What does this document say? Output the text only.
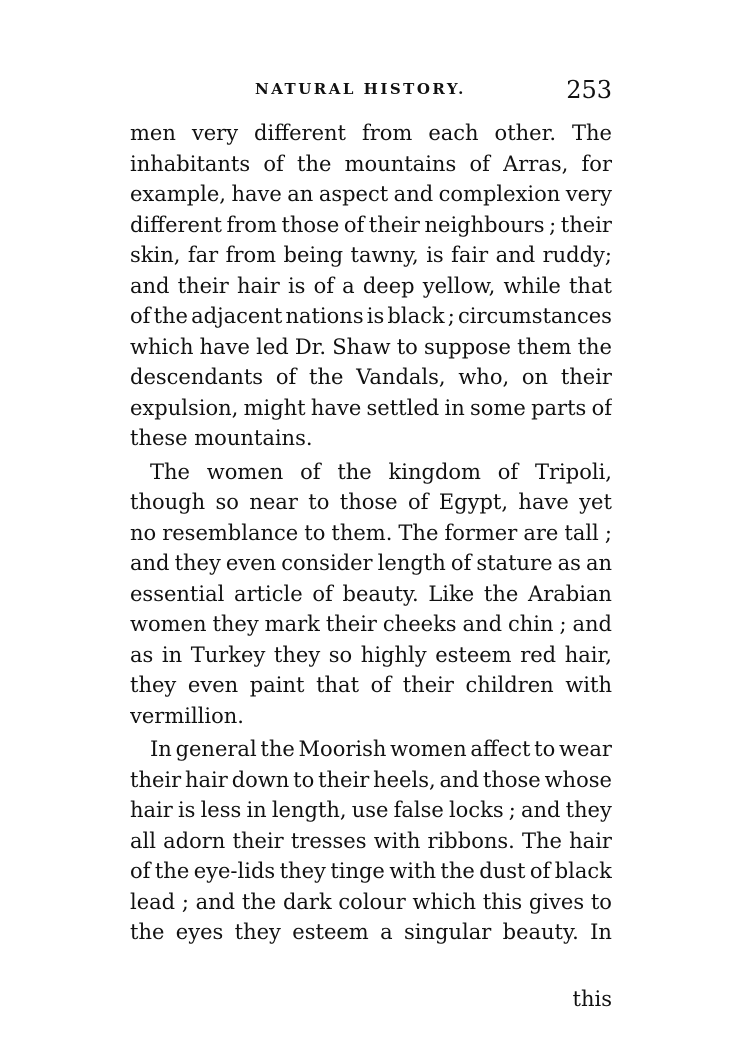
NATURAL HISTORY.	253
men very different from each other. The
inhabitants of the mountains of Arras, for
example, have an aspect and complexion very
different from those of their neighbours ; their
skin, far from being tawny, is fair and ruddy;
and their hair is of a deep yellow, while that
of the adjacent nations is black ; circumstances
which have led Dr. Shaw to suppose them the
descendants of the Vandals, who, on their
expulsion, might have settled in some parts of
these mountains.
The women of the kingdom of Tripoli,
though so near to those of Egypt, have yet
no resemblance to them. The former are tall ;
and they even consider length of stature as an
essential article of beauty. Like the Arabian
women they mark their cheeks and chin ; and
as in Turkey they so highly esteem red hair,
they even paint that of their children with
vermillion.
In general the Moorish women affect to wear
their hair down to their heels, and those whose
hair is less in length, use false locks ; and they
all adorn their tresses with ribbons. The hair
of the eye-lids they tinge with the dust of black
lead ; and the dark colour which this gives to
the eyes they esteem a singular beauty. In
this
